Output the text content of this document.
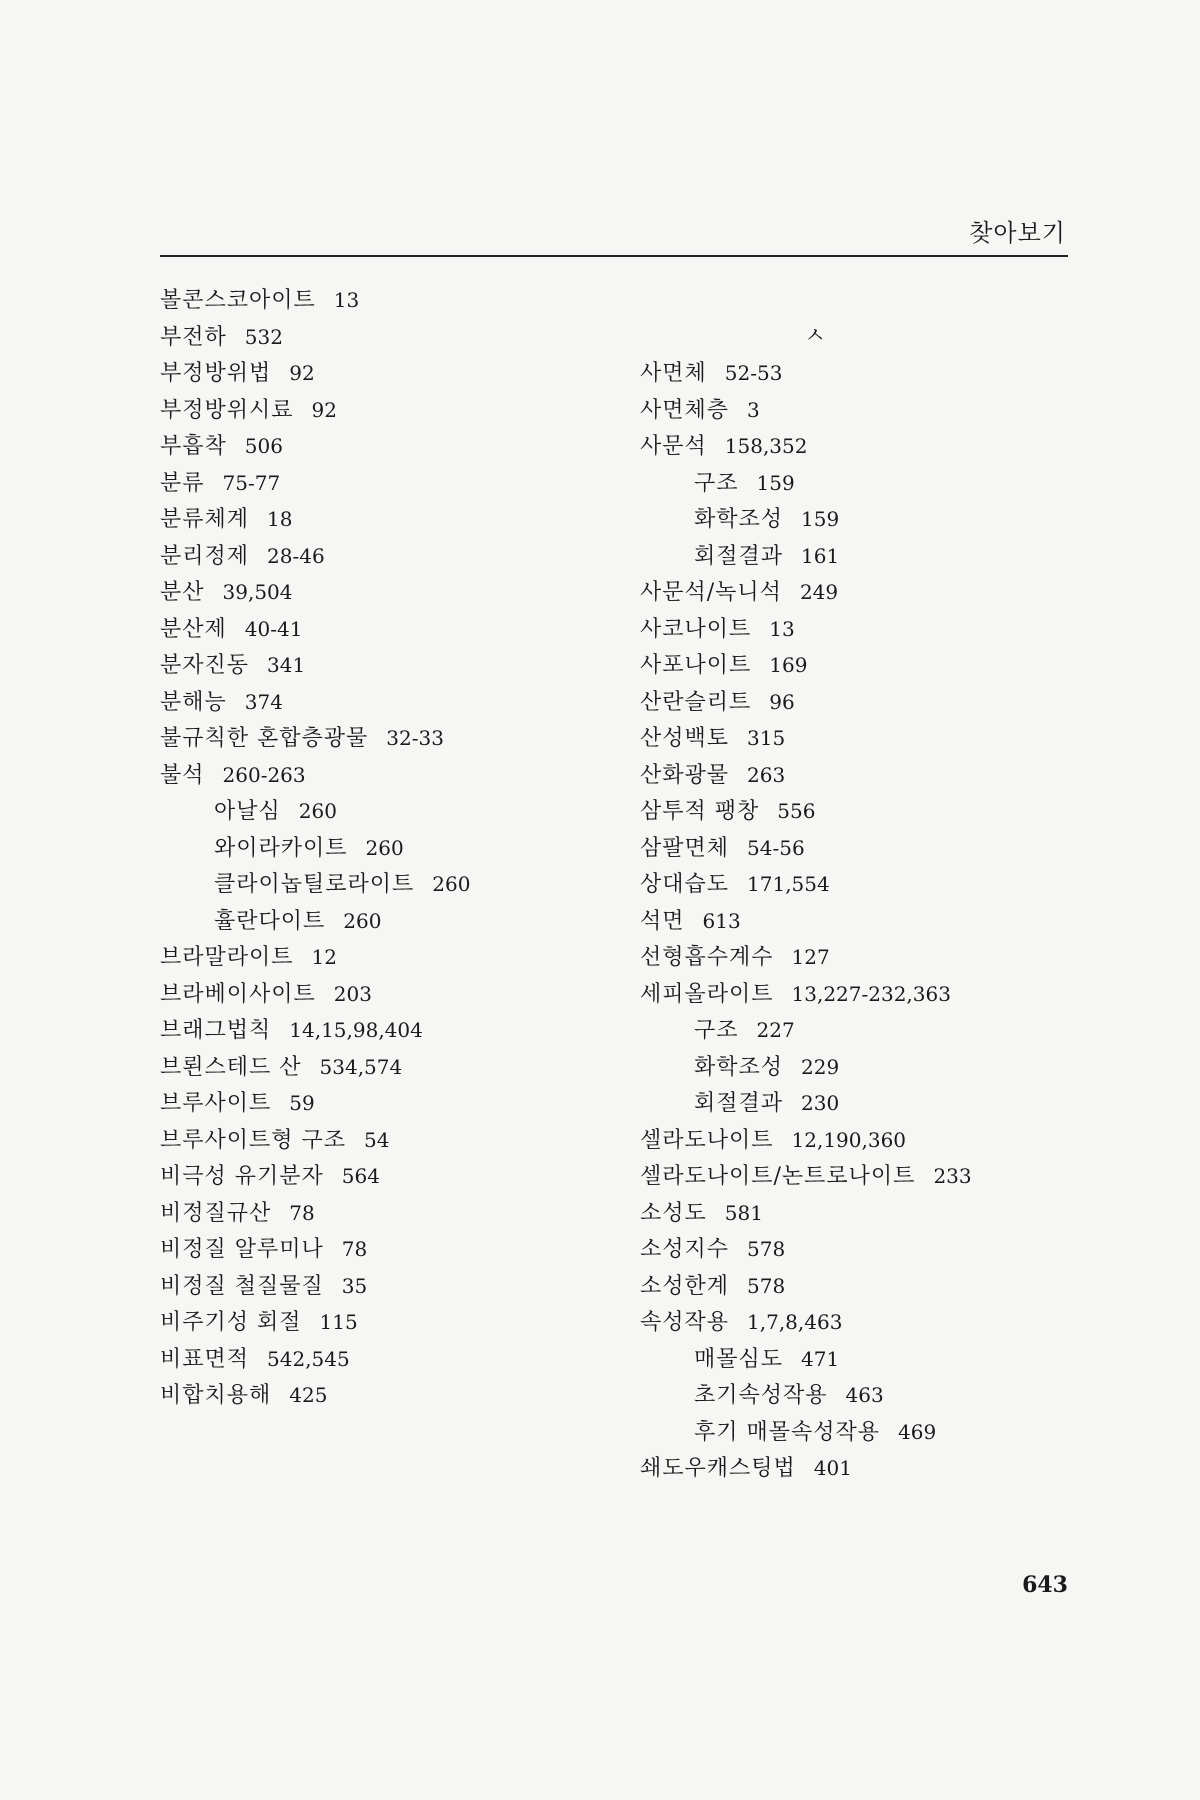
찾아보기
볼콘스코아이트 13
부전하 532
부정방위법 92
부정방위시료 92
부흡착 506
분류 75-77
분류체계 18
분리정제 28-46
분산 39,504
분산제 40-41
분자진동 341
분해능 374
불규칙한 혼합층광물 32-33
불석 260-263
아날심 260
와이라카이트 260
클라이놉틸로라이트 260
휼란다이트 260
브라말라이트 12
브라베이사이트 203
브래그법칙 14,15,98,404
브뢴스테드 산 534,574
브루사이트 59
브루사이트형 구조 54
비극성 유기분자 564
비정질규산 78
비정질 알루미나 78
비정질 철질물질 35
비주기성 회절 115
비표면적 542,545
비합치용해 425
ㅅ
사면체 52-53
사면체층 3
사문석 158,352
구조 159
화학조성 159
회절결과 161
사문석/녹니석 249
사코나이트 13
사포나이트 169
산란슬리트 96
산성백토 315
산화광물 263
삼투적 팽창 556
삼팔면체 54-56
상대습도 171,554
석면 613
선형흡수계수 127
세피올라이트 13,227-232,363
구조 227
화학조성 229
회절결과 230
셀라도나이트 12,190,360
셀라도나이트/논트로나이트 233
소성도 581
소성지수 578
소성한계 578
속성작용 1,7,8,463
매몰심도 471
초기속성작용 463
후기 매몰속성작용 469
쇄도우캐스팅법 401
643
